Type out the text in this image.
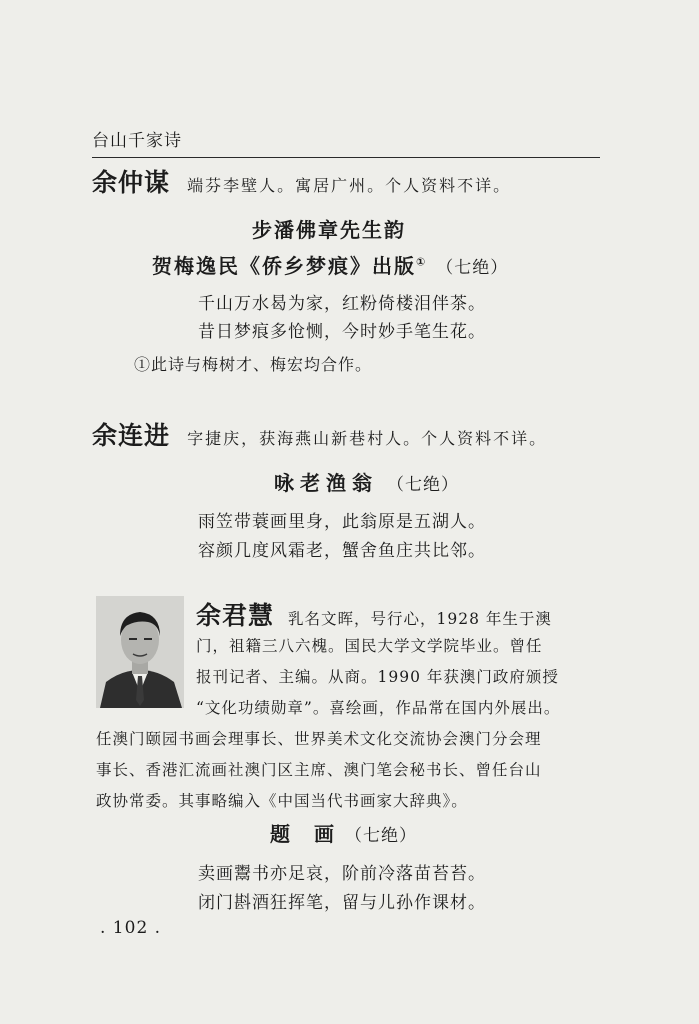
台山千家诗
余仲谋 端芬李壁人。寓居广州。个人资料不详。
步潘佛章先生韵
贺梅逸民《侨乡梦痕》出版① （七绝）
千山万水曷为家，红粉倚楼泪伴茶。
昔日梦痕多怆恻，今时妙手笔生花。
①此诗与梅树才、梅宏均合作。
余连进 字捷庆，获海燕山新巷村人。个人资料不详。
咏老渔翁 （七绝）
雨笠带蓑画里身，此翁原是五湖人。
容颜几度风霜老，蟹舍鱼庄共比邻。
余君慧 乳名文晖，号行心，1928 年生于澳
门，祖籍三八六槐。国民大学文学院毕业。曾任
报刊记者、主编。从商。1990 年获澳门政府颁授
“文化功绩勋章”。喜绘画，作品常在国内外展出。
任澳门颐园书画会理事长、世界美术文化交流协会澳门分会理
事长、香港汇流画社澳门区主席、澳门笔会秘书长、曾任台山
政协常委。其事略编入《中国当代书画家大辞典》。
题　画 （七绝）
卖画鬻书亦足哀，阶前冷落苗苔苔。
闭门斟酒狂挥笔，留与儿孙作课材。
. 102 .
